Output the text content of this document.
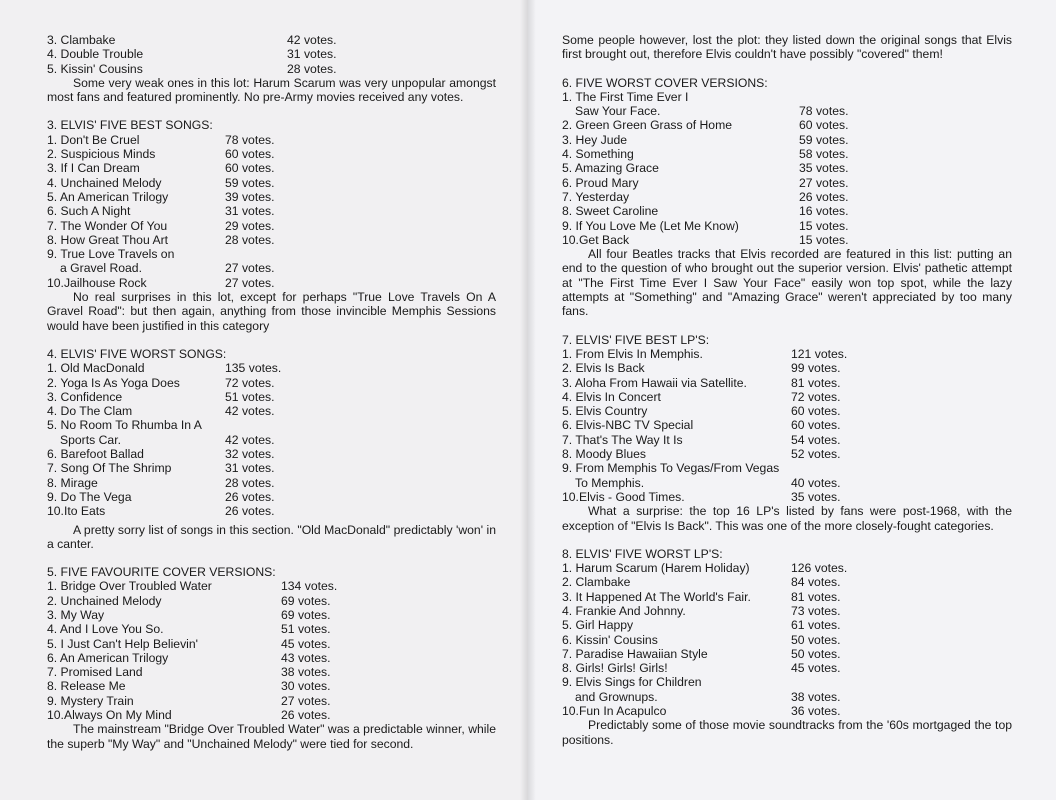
3. Clambake	42 votes.
4. Double Trouble	31 votes.
5. Kissin' Cousins	28 votes.

Some very weak ones in this lot: Harum Scarum was very unpopular amongst most fans and featured prominently. No pre-Army movies received any votes.

3. ELVIS' FIVE BEST SONGS:
1. Don't Be Cruel	78 votes.
2. Suspicious Minds	60 votes.
3. If I Can Dream	60 votes.
4. Unchained Melody	59 votes.
5. An American Trilogy	39 votes.
6. Such A Night	31 votes.
7. The Wonder Of You	29 votes.
8. How Great Thou Art	28 votes.
9. True Love Travels on
a Gravel Road.	27 votes.
10.Jailhouse Rock	27 votes.

No real surprises in this lot, except for perhaps "True Love Travels On A Gravel Road": but then again, anything from those invincible Memphis Sessions would have been justified in this category

4. ELVIS' FIVE WORST SONGS:
1. Old MacDonald	135 votes.
2. Yoga Is As Yoga Does	72 votes.
3. Confidence	51 votes.
4. Do The Clam	42 votes.
5. No Room To Rhumba In A
Sports Car.	42 votes.
6. Barefoot Ballad	32 votes.
7. Song Of The Shrimp	31 votes.
8. Mirage	28 votes.
9. Do The Vega	26 votes.
10.Ito Eats	26 votes.

A pretty sorry list of songs in this section. "Old MacDonald" predictably 'won' in a canter.

5. FIVE FAVOURITE COVER VERSIONS:
1. Bridge Over Troubled Water	134 votes.
2. Unchained Melody	69 votes.
3. My Way	69 votes.
4. And I Love You So.	51 votes.
5. I Just Can't Help Believin'	45 votes.
6. An American Trilogy	43 votes.
7. Promised Land	38 votes.
8. Release Me	30 votes.
9. Mystery Train	27 votes.
10.Always On My Mind	26 votes.

The mainstream "Bridge Over Troubled Water" was a predictable winner, while the superb "My Way" and "Unchained Melody" were tied for second.

Some people however, lost the plot: they listed down the original songs that Elvis first brought out, therefore Elvis couldn't have possibly "covered" them!

6. FIVE WORST COVER VERSIONS:
1. The First Time Ever I
Saw Your Face.	78 votes.
2. Green Green Grass of Home	60 votes.
3. Hey Jude	59 votes.
4. Something	58 votes.
5. Amazing Grace	35 votes.
6. Proud Mary	27 votes.
7. Yesterday	26 votes.
8. Sweet Caroline	16 votes.
9. If You Love Me (Let Me Know)	15 votes.
10.Get Back	15 votes.

All four Beatles tracks that Elvis recorded are featured in this list: putting an end to the question of who brought out the superior version. Elvis' pathetic attempt at "The First Time Ever I Saw Your Face" easily won top spot, while the lazy attempts at "Something" and "Amazing Grace" weren't appreciated by too many fans.

7. ELVIS' FIVE BEST LP'S:
1. From Elvis In Memphis.	121 votes.
2. Elvis Is Back	99 votes.
3. Aloha From Hawaii via Satellite.	81 votes.
4. Elvis In Concert	72 votes.
5. Elvis Country	60 votes.
6. Elvis-NBC TV Special	60 votes.
7. That's The Way It Is	54 votes.
8. Moody Blues	52 votes.
9. From Memphis To Vegas/From Vegas
To Memphis.	40 votes.
10.Elvis - Good Times.	35 votes.

What a surprise: the top 16 LP's listed by fans were post-1968, with the exception of "Elvis Is Back". This was one of the more closely-fought categories.

8. ELVIS' FIVE WORST LP'S:
1. Harum Scarum (Harem Holiday)	126 votes.
2. Clambake	84 votes.
3. It Happened At The World's Fair.	81 votes.
4. Frankie And Johnny.	73 votes.
5. Girl Happy	61 votes.
6. Kissin' Cousins	50 votes.
7. Paradise Hawaiian Style	50 votes.
8. Girls! Girls! Girls!	45 votes.
9. Elvis Sings for Children
and Grownups.	38 votes.
10.Fun In Acapulco	36 votes.

Predictably some of those movie soundtracks from the '60s mortgaged the top positions.
